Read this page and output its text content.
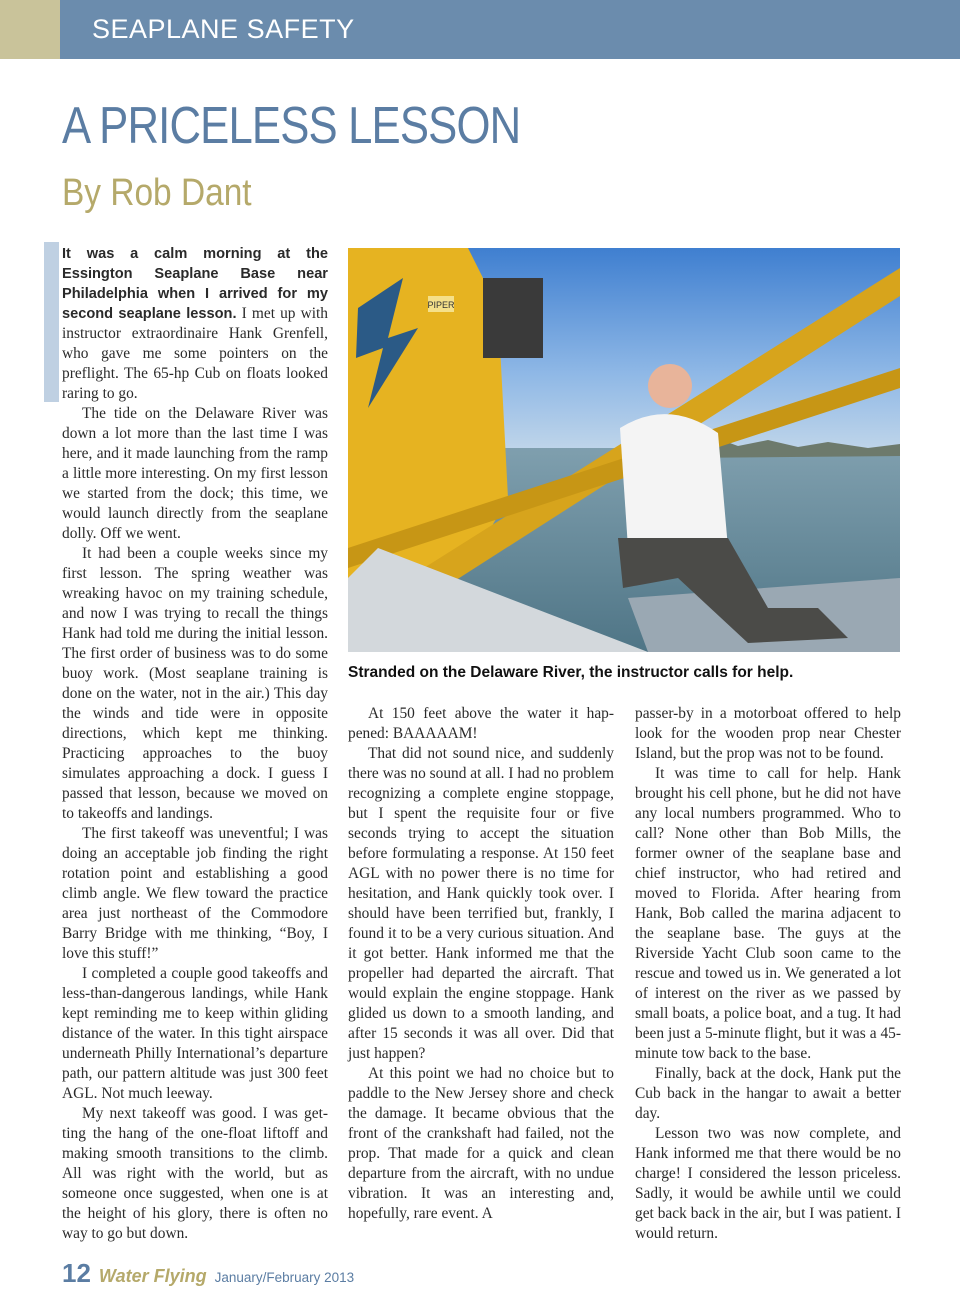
SEAPLANE SAFETY
A PRICELESS LESSON
By Rob Dant

It was a calm morning at the Essington Seaplane Base near Philadelphia when I arrived for my second seaplane lesson. I met up with instructor extraordinaire Hank Grenfell, who gave me some pointers on the preflight. The 65-hp Cub on floats looked raring to go.

The tide on the Delaware River was down a lot more than the last time I was here, and it made launching from the ramp a little more interesting. On my first lesson we started from the dock; this time, we would launch directly from the seaplane dolly. Off we went.

It had been a couple weeks since my first lesson. The spring weather was wreaking havoc on my training schedule, and now I was trying to recall the things Hank had told me during the initial lesson. The first order of business was to do some buoy work. (Most seaplane training is done on the water, not in the air.) This day the winds and tide were in opposite directions, which kept me thinking. Practicing approaches to the buoy simulates approaching a dock. I guess I passed that lesson, because we moved on to takeoffs and landings.

The first takeoff was uneventful; I was doing an acceptable job finding the right rotation point and establishing a good climb angle. We flew toward the practice area just northeast of the Commodore Barry Bridge with me thinking, “Boy, I love this stuff!”

I completed a couple good takeoffs and less-than-dangerous landings, while Hank kept reminding me to keep within gliding distance of the water. In this tight airspace underneath Philly International’s departure path, our pattern altitude was just 300 feet AGL. Not much leeway.

My next takeoff was good. I was getting the hang of the one-float liftoff and making smooth transitions to the climb. All was right with the world, but as someone once suggested, when one is at the height of his glory, there is often no way to go but down.

PIPER
Stranded on the Delaware River, the instructor calls for help.

At 150 feet above the water it happened: BAAAAAM!

That did not sound nice, and suddenly there was no sound at all. I had no problem recognizing a complete engine stoppage, but I spent the requisite four or five seconds trying to accept the situation before formulating a response. At 150 feet AGL with no power there is no time for hesitation, and Hank quickly took over. I should have been terrified but, frankly, I found it to be a very curious situation. And it got better. Hank informed me that the propeller had departed the aircraft. That would explain the engine stoppage. Hank glided us down to a smooth landing, and after 15 seconds it was all over. Did that just happen?

At this point we had no choice but to paddle to the New Jersey shore and check the damage. It became obvious that the front of the crankshaft had failed, not the prop. That made for a quick and clean departure from the aircraft, with no undue vibration. It was an interesting and, hopefully, rare event. A

passer-by in a motorboat offered to help look for the wooden prop near Chester Island, but the prop was not to be found.

It was time to call for help. Hank brought his cell phone, but he did not have any local numbers programmed. Who to call? None other than Bob Mills, the former owner of the seaplane base and chief instructor, who had retired and moved to Florida. After hearing from Hank, Bob called the marina adjacent to the seaplane base. The guys at the Riverside Yacht Club soon came to the rescue and towed us in. We generated a lot of interest on the river as we passed by small boats, a police boat, and a tug. It had been just a 5-minute flight, but it was a 45-minute tow back to the base.

Finally, back at the dock, Hank put the Cub back in the hangar to await a better day.

Lesson two was now complete, and Hank informed me that there would be no charge! I considered the lesson priceless. Sadly, it would be awhile until we could get back back in the air, but I was patient. I would return.

12 Water Flying January/February 2013
